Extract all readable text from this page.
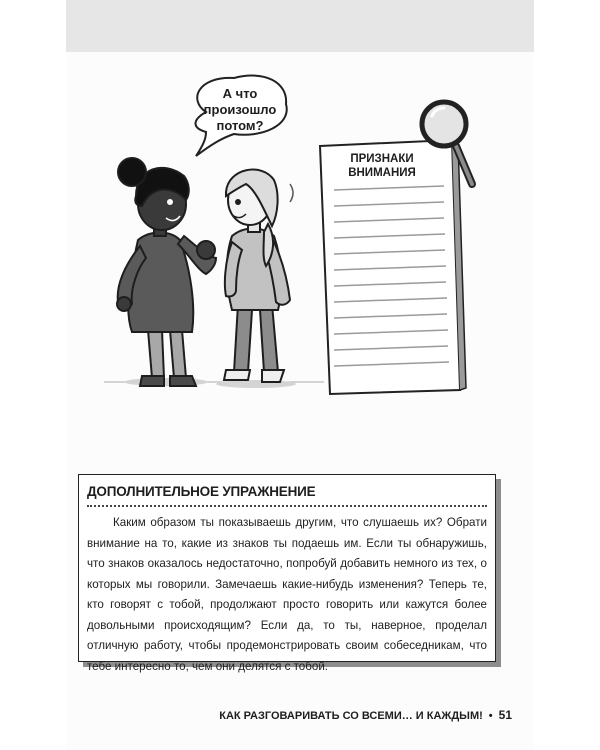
А что
произошло
потом?
ПРИЗНАКИ
ВНИМАНИЯ
ДОПОЛНИТЕЛЬНОЕ УПРАЖНЕНИЕ

Каким образом ты показываешь другим, что слушаешь их? Обрати внимание на то, какие из знаков ты подаешь им. Если ты обнаружишь, что знаков оказалось недостаточно, попробуй добавить немного из тех, о которых мы говорили. Замечаешь какие-нибудь изменения? Теперь те, кто говорят с тобой, продолжают просто говорить или кажутся более довольными происходящим? Если да, то ты, наверное, проделал отличную работу, чтобы продемонстрировать своим собеседникам, что тебе интересно то, чем они делятся с тобой.

КАК РАЗГОВАРИВАТЬ СО ВСЕМИ… И КАЖДЫМ! • 51
